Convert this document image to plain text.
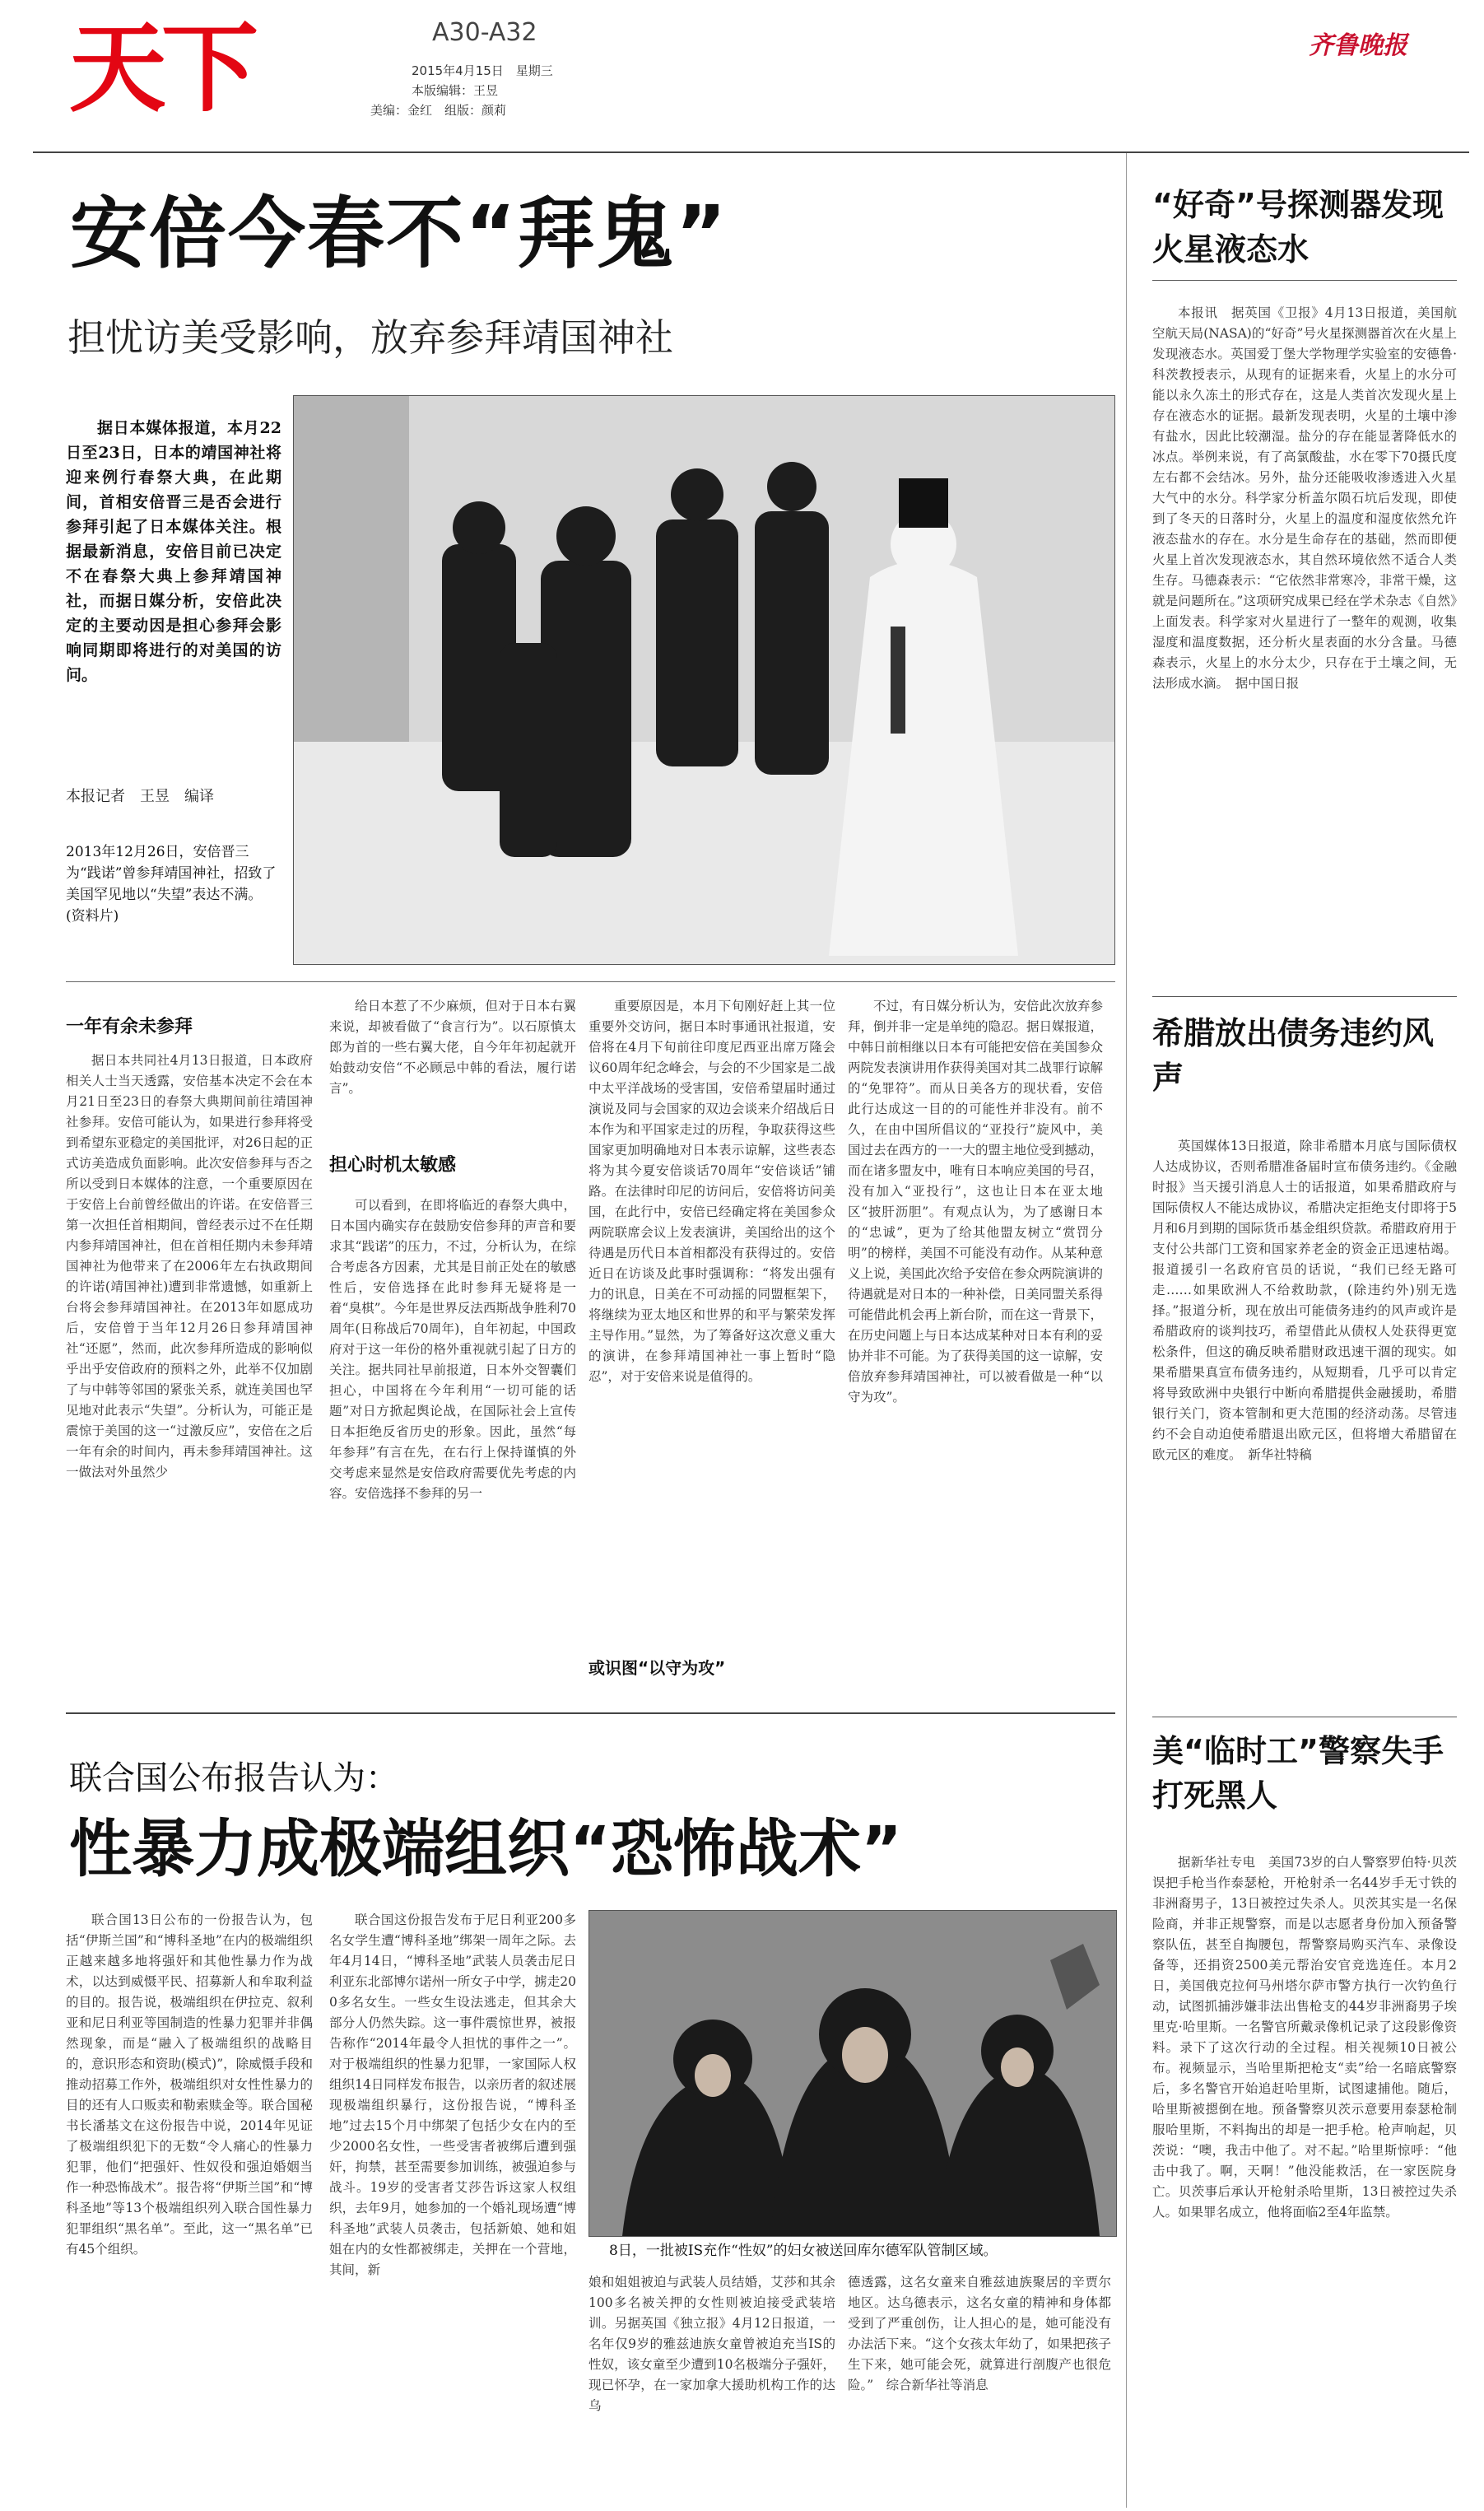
天下	A30-A32
2015年4月15日　星期三
本版编辑：王昱
美编：金红　组版：颜莉
齐鲁晚报
安倍今春不“拜鬼”
担忧访美受影响，放弃参拜靖国神社
据日本媒体报道，本月22日至23日，日本的靖国神社将迎来例行春祭大典，在此期间，首相安倍晋三是否会进行参拜引起了日本媒体关注。根据最新消息，安倍目前已决定不在春祭大典上参拜靖国神社，而据日媒分析，安倍此决定的主要动因是担心参拜会影响同期即将进行的对美国的访问。
本报记者　王昱　编译
2013年12月26日，安倍晋三为“践诺”曾参拜靖国神社，招致了美国罕见地以“失望”表达不满。(资料片)
一年有余未参拜
据日本共同社4月13日报道，日本政府相关人士当天透露，安倍基本决定不会在本月21日至23日的春祭大典期间前往靖国神社参拜。安倍可能认为，如果进行参拜将受到希望东亚稳定的美国批评，对26日起的正式访美造成负面影响。此次安倍参拜与否之所以受到日本媒体的注意，一个重要原因在于安倍上台前曾经做出的许诺。在安倍晋三第一次担任首相期间，曾经表示过不在任期内参拜靖国神社，但在首相任期内未参拜靖国神社为他带来了在2006年左右执政期间的许诺(靖国神社)遭到非常遗憾，如重新上台将会参拜靖国神社。在2013年如愿成功后，安倍曾于当年12月26日参拜靖国神社“还愿”，然而，此次参拜所造成的影响似乎出乎安倍政府的预料之外，此举不仅加剧了与中韩等邻国的紧张关系，就连美国也罕见地对此表示“失望”。分析认为，可能正是震惊于美国的这一“过激反应”，安倍在之后一年有余的时间内，再未参拜靖国神社。这一做法对外虽然少
给日本惹了不少麻烦，但对于日本右翼来说，却被看做了“食言行为”。以石原慎太郎为首的一些右翼大佬，自今年年初起就开始鼓动安倍“不必顾忌中韩的看法，履行诺言”。
担心时机太敏感
可以看到，在即将临近的春祭大典中，日本国内确实存在鼓励安倍参拜的声音和要求其“践诺”的压力，不过，分析认为，在综合考虑各方因素，尤其是目前正处在的敏感性后，安倍选择在此时参拜无疑将是一着“臭棋”。今年是世界反法西斯战争胜利70周年(日称战后70周年)，自年初起，中国政府对于这一年份的格外重视就引起了日方的关注。据共同社早前报道，日本外交智囊们担心，中国将在今年利用“一切可能的话题”对日方掀起舆论战，在国际社会上宣传日本拒绝反省历史的形象。因此，虽然“每年参拜”有言在先，在右行上保持谨慎的外交考虑来显然是安倍政府需要优先考虑的内容。安倍选择不参拜的另一
重要原因是，本月下旬刚好赶上其一位重要外交访问，据日本时事通讯社报道，安倍将在4月下旬前往印度尼西亚出席万隆会议60周年纪念峰会，与会的不少国家是二战中太平洋战场的受害国，安倍希望届时通过演说及同与会国家的双边会谈来介绍战后日本作为和平国家走过的历程，争取获得这些国家更加明确地对日本表示谅解，这些表态将为其今夏安倍谈话70周年“安倍谈话”铺路。在法律时印尼的访问后，安倍将访问美国，在此行中，安倍已经确定将在美国参众两院联席会议上发表演讲，美国给出的这个待遇是历代日本首相都没有获得过的。安倍近日在访谈及此事时强调称：“将发出强有力的讯息，日美在不可动摇的同盟框架下，将继续为亚太地区和世界的和平与繁荣发挥主导作用。”显然，为了筹备好这次意义重大的演讲，在参拜靖国神社一事上暂时“隐忍”，对于安倍来说是值得的。
或识图“以守为攻”
不过，有日媒分析认为，安倍此次放弃参拜，倒并非一定是单纯的隐忍。据日媒报道，中韩日前相继以日本有可能把安倍在美国参众两院发表演讲用作获得美国对其二战罪行谅解的“免罪符”。而从日美各方的现状看，安倍此行达成这一目的的可能性并非没有。前不久，在由中国所倡议的“亚投行”旋风中，美国过去在西方的一一大的盟主地位受到撼动，而在诸多盟友中，唯有日本响应美国的号召，没有加入“亚投行”，这也让日本在亚太地区“披肝沥胆”。有观点认为，为了感谢日本的“忠诚”，更为了给其他盟友树立“赏罚分明”的榜样，美国不可能没有动作。从某种意义上说，美国此次给予安倍在参众两院演讲的待遇就是对日本的一种补偿，日美同盟关系得可能借此机会再上新台阶，而在这一背景下，在历史问题上与日本达成某种对日本有利的妥协并非不可能。为了获得美国的这一谅解，安倍放弃参拜靖国神社，可以被看做是一种“以守为攻”。
联合国公布报告认为：
性暴力成极端组织“恐怖战术”
联合国13日公布的一份报告认为，包括“伊斯兰国”和“博科圣地”在内的极端组织正越来越多地将强奸和其他性暴力作为战术，以达到威慑平民、招募新人和牟取利益的目的。报告说，极端组织在伊拉克、叙利亚和尼日利亚等国制造的性暴力犯罪并非偶然现象，而是“融入了极端组织的战略目的，意识形态和资助(模式)”，除威慑手段和推动招募工作外，极端组织对女性性暴力的目的还有人口贩卖和勒索赎金等。联合国秘书长潘基文在这份报告中说，2014年见证了极端组织犯下的无数“令人痛心的性暴力犯罪，他们“把强奸、性奴役和强迫婚姻当作一种恐怖战术”。报告将“伊斯兰国”和“博科圣地”等13个极端组织列入联合国性暴力犯罪组织“黑名单”。至此，这一“黑名单”已有45个组织。
联合国这份报告发布于尼日利亚200多名女学生遭“博科圣地”绑架一周年之际。去年4月14日，“博科圣地”武装人员袭击尼日利亚东北部博尔诺州一所女子中学，掳走200多名女生。一些女生设法逃走，但其余大部分人仍然失踪。这一事件震惊世界，被报告称作“2014年最令人担忧的事件之一”。对于极端组织的性暴力犯罪，一家国际人权组织14日同样发布报告，以亲历者的叙述展现极端组织暴行，这份报告说，“博科圣地”过去15个月中绑架了包括少女在内的至少2000名女性，一些受害者被绑后遭到强奸，拘禁，甚至需要参加训练，被强迫参与战斗。19岁的受害者艾莎告诉这家人权组织，去年9月，她参加的一个婚礼现场遭“博科圣地”武装人员袭击，包括新娘、她和姐姐在内的女性都被绑走，关押在一个营地，其间，新
8日，一批被IS充作“性奴”的妇女被送回库尔德军队管制区域。
娘和姐姐被迫与武装人员结婚，艾莎和其余100多名被关押的女性则被迫接受武装培训。另据英国《独立报》4月12日报道，一名年仅9岁的雅兹迪族女童曾被迫充当IS的性奴，该女童至少遭到10名极端分子强奸，现已怀孕，在一家加拿大援助机构工作的达乌
德透露，这名女童来自雅兹迪族聚居的辛贾尔地区。达乌德表示，这名女童的精神和身体都受到了严重创伤，让人担心的是，她可能没有办法活下来。“这个女孩太年幼了，如果把孩子生下来，她可能会死，就算进行剖腹产也很危险。”　综合新华社等消息
“好奇”号探测器发现火星液态水
本报讯　据英国《卫报》4月13日报道，美国航空航天局(NASA)的“好奇”号火星探测器首次在火星上发现液态水。英国爱丁堡大学物理学实验室的安德鲁·科茨教授表示，从现有的证据来看，火星上的水分可能以永久冻土的形式存在，这是人类首次发现火星上存在液态水的证据。最新发现表明，火星的土壤中渗有盐水，因此比较潮湿。盐分的存在能显著降低水的冰点。举例来说，有了高氯酸盐，水在零下70摄氏度左右都不会结冰。另外，盐分还能吸收渗透进入火星大气中的水分。科学家分析盖尔陨石坑后发现，即使到了冬天的日落时分，火星上的温度和湿度依然允许液态盐水的存在。水分是生命存在的基础，然而即便火星上首次发现液态水，其自然环境依然不适合人类生存。马德森表示：“它依然非常寒冷，非常干燥，这就是问题所在。”这项研究成果已经在学术杂志《自然》上面发表。科学家对火星进行了一整年的观测，收集湿度和温度数据，还分析火星表面的水分含量。马德森表示，火星上的水分太少，只存在于土壤之间，无法形成水滴。　据中国日报
希腊放出债务违约风声
英国媒体13日报道，除非希腊本月底与国际债权人达成协议，否则希腊准备届时宣布债务违约。《金融时报》当天援引消息人士的话报道，如果希腊政府与国际债权人不能达成协议，希腊决定拒绝支付即将于5月和6月到期的国际货币基金组织贷款。希腊政府用于支付公共部门工资和国家养老金的资金正迅速枯竭。报道援引一名政府官员的话说，“我们已经无路可走……如果欧洲人不给救助款，(除违约外)别无选择。”报道分析，现在放出可能债务违约的风声或许是希腊政府的谈判技巧，希望借此从债权人处获得更宽松条件，但这的确反映希腊财政迅速干涸的现实。如果希腊果真宣布债务违约，从短期看，几乎可以肯定将导致欧洲中央银行中断向希腊提供金融援助，希腊银行关门，资本管制和更大范围的经济动荡。尽管违约不会自动迫使希腊退出欧元区，但将增大希腊留在欧元区的难度。　新华社特稿
美“临时工”警察失手打死黑人
据新华社专电　美国73岁的白人警察罗伯特·贝茨误把手枪当作泰瑟枪，开枪射杀一名44岁手无寸铁的非洲裔男子，13日被控过失杀人。贝茨其实是一名保险商，并非正规警察，而是以志愿者身份加入预备警察队伍，甚至自掏腰包，帮警察局购买汽车、录像设备等，还捐资2500美元帮治安官竞选连任。本月2日，美国俄克拉何马州塔尔萨市警方执行一次钓鱼行动，试图抓捕涉嫌非法出售枪支的44岁非洲裔男子埃里克·哈里斯。一名警官所戴录像机记录了这段影像资料。录下了这次行动的全过程。相关视频10日被公布。视频显示，当哈里斯把枪支“卖”给一名暗底警察后，多名警官开始追赶哈里斯，试图逮捕他。随后，哈里斯被摁倒在地。预备警察贝茨示意要用泰瑟枪制服哈里斯，不料掏出的却是一把手枪。枪声响起，贝茨说：“噢，我击中他了。对不起。”哈里斯惊呼：“他击中我了。啊，天啊！”他没能救活，在一家医院身亡。贝茨事后承认开枪射杀哈里斯，13日被控过失杀人。如果罪名成立，他将面临2至4年监禁。
